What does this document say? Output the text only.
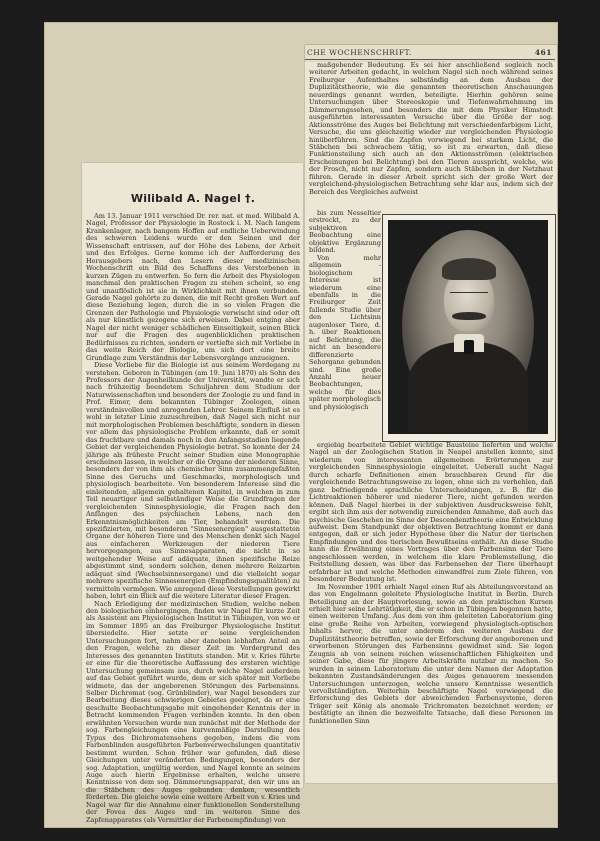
CHE WOCHENSCHRIFT.	461

maßgebender Bedeutung. Es sei hier anschließend sogleich noch weiterer Arbeiten gedacht, in welchen Nagel sich noch während seines Freiburger Aufenthaltes selbständig an dem Ausbau der Duplizitätstheorie, wie die genannten theoretischen Anschauungen neuerdings genannt werden, beteiligte. Hierhin gehören seine Untersuchungen über Stereoskopie und Tiefenwahrnehmung im Dämmerungssehen, und besonders die mit dem Physiker Himstedt ausgeführten interessanten Versuche über die Größe der sog. Aktionsströme des Auges bei Belichtung mit verschiedenfarbigem Licht, Versuche, die uns gleichzeitig wieder zur vergleichenden Physiologie hinüberführen. Sind die Zapfen vorwiegend bei starkem Licht, die Stäbchen bei schwachem tätig, so ist zu erwarten, daß diese Funktionsteilung sich auch an den Aktionsströmen (elektrischen Erscheinungen bei Belichtung) bei den Tieren ausspricht, welche, wie der Frosch, nicht nur Zapfen, sondern auch Stäbchen in der Netzhaut führen. Gerade in dieser Arbeit spricht sich der große Wert der vergleichend-physiologischen Betrachtung sehr klar aus, indem sich der Bereich des Vergleiches aufweist

bis zum Nesseltier erstreckt, zu der subjektiven Beobachtung eine objektive Ergänzung bildend.

Von mehr allgemein - biologischem Interesse ist wiederum eine ebenfalls in die Freiburger Zeit fallende Studie über den Lichtsinn augenloser Tiere, d. h. über Reaktionen auf Belichtung, die nicht an besondere differenzierte Sehorgane gebunden sind. Eine große Anzahl neuer Beobachtungen, welche für dies später morphologisch und physiologisch

ergiebig bearbeitete Gebiet wichtige Bausteine lieferten und welche Nagel an der Zoologischen Station in Neapel anstellen konnte, sind wiederum von interessanten allgemeinen Erörterungen zur vergleichenden Sinnesphysiologie eingeleitet. Ueberall sucht Nagel durch scharfe Definitionen einen brauchbaren Grund für die vergleichende Betrachtungsweise zu legen, ohne sich zu verhehlen, daß ganz befriedigende sprachliche Unterscheidungen, z. B. für die Lichtreaktionen höherer und niederer Tiere, nicht gefunden werden können. Daß Nagel hierbei in der subjektiven Ausdrucksweise fehlt, ergibt sich ihm aus der notwendig zureichenden Annahme, daß auch das psychische Geschehen im Sinne der Descendenztheorie eine Entwicklung aufweist. Dem Standpunkt der objektiven Betrachtung kommt er dann entgegen, daß er sich jeder Hypothese über die Natur der tierischen Empfindungen und des tierischen Bewußtseins enthält. An diese Studie kann die Erwähnung eines Vortrages über den Farbensinn der Tiere angeschlossen werden, in welchem die klare Problemstellung, die Feststellung dessen, was über das Farbensehen der Tiere überhaupt erfahrbar ist und welche Methoden einwandfrei zum Ziele führen, von besonderer Bedeutung ist.

Im November 1901 erhielt Nagel einen Ruf als Abteilungsvorstand an das von Engelmann geleitete Physiologische Institut in Berlin. Durch Beteiligung an der Hauptvorlesung, sowie an den praktischen Kursen erhielt hier seine Lehrtätigkeit, die er schon in Tübingen begonnen hatte, einen weiteren Umfang. Aus dem von ihm geleiteten Laboratorium ging eine große Reihe von Arbeiten, vorwiegend physiologisch-optischen Inhalts hervor, die unter anderem den weiteren Ausbau der Duplizitätstheorie betreffen, sowie der Erforschung der angeborenen und erworbenen Störungen des Farbensinns gewidmet sind. Sie legen Zeugnis ab von seinem reichen wissenschaftlichen Fähigkeiten und seiner Gabe, diese für jüngere Arbeitskräfte nutzbar zu machen. So wurden in seinem Laboratorium die unter dem Namen der Adaptation bekannten Zustandsänderungen des Auges genauerem messenden Untersuchungen unterzogen, welche unsere Kenntnisse wesentlich vervollständigten. Weiterhin beschäftigte Nagel vorwiegend die Erforschung des Gebiets der abweichenden Farbensysteme, deren Träger seit König als anomale Trichromaten bezeichnet werden; er bestätigte an ihnen die bezweifelte Tatsache, daß diese Personen im funktionellen Sinn

Wilibald A. Nagel †.

Am 13. Januar 1911 verschied Dr. rer. nat. et med. Wilibald A. Nagel, Professor der Physiologie in Rostock i. M. Nach langem Krankenlager, nach bangem Hoffen auf endliche Ueberwindung des schweren Leidens wurde er den Seinen und der Wissenschaft entrissen, auf der Höhe des Lebens, der Arbeit und des Erfolges. Gerne komme ich der Aufforderung des Herausgebers nach, den Lesern dieser medizinischen Wochenschrift ein Bild des Schaffens des Verstorbenen in kurzen Zügen zu entwerfen. So fern die Arbeit des Physiologen manchmal den praktischen Fragen zu stehen scheint, so eng und unauflöslich ist sie in Wirklichkeit mit ihnen verbunden. Gerade Nagel gehörte zu denen, die mit Recht großen Wert auf diese Beziehung legen, durch die in so vielen Fragen die Grenzen der Pathologie und Physiologie verwischt sind oder oft als nur künstlich gezogene sich erweisen. Dabei entging aber Nagel der nicht weniger schädlichen Einseitigkeit, seinen Blick nur auf die Fragen des augenblicklichen praktischen Bedürfnisses zu richten, sondern er vertiefte sich mit Vorliebe in das weite Reich der Biologie, um sich dort eine breite Grundlage zum Verständnis der Lebensvorgänge anzueignen.

Diese Vorliebe für die Biologie ist aus seinem Werdegang zu verstehen. Geboren in Tübingen (am 19. Juni 1870) als Sohn des Professors der Augenheilkunde der Universität, wandte er sich nach frühzeitig beendetem Schuljahren dem Studium der Naturwissenschaften und besonders der Zoologie zu und fand in Prof. Eimer, dem bekannten Tübinger Zoologen, einen verständnisvollen und anregenden Lehrer. Seinem Einfluß ist es wohl in letzter Linie zuzuschreiben, daß Nagel sich nicht nur mit morphologischen Problemen beschäftigte, sondern in diesen vor allem das physiologische Problem erkannte, daß er somit das fruchtbare und damals noch in den Anfangsstadien liegende Gebiet der vergleichenden Physiologie betrat. So konnte der 24 jährige als früheste Frucht seiner Studien eine Monographie erscheinen lassen, in welcher er die Organe der niederen Sinne, besonders der von ihm als chemischer Sinn zusammengefaßten Sinne des Geruchs und Geschmacks, morphologisch und physiologisch bearbeitete. Von besonderem Interesse sind die einleitenden, allgemein gehaltenen Kapitel, in welchen in zum Teil neuartiger und selbständiger Weise die Grundfragen der vergleichenden Sinnesphysiologie, die Fragen nach den Anfängen des psychischen Lebens, nach den Erkenntnismöglichkeiten am Tier, behandelt werden. Die spezifizierten, mit besonderen "Sinnesenergien" ausgestatteten Organe der höheren Tiere und des Menschen denkt sich Nagel aus einfacheren Werkzeugen der niederen Tiere hervorgegangen, aus Sinnesapparaten, die nicht in so weitgehender Weise auf adäquate, ihnen spezifische Reize abgestimmt sind, sondern solchen, denen mehrere Reizarten adäquat sind (Wechselsinnesorgane) und die vielleicht sogar mehrere spezifische Sinnesenergien (Empfindungsqualitäten) zu vermitteln vermögen. Wie anregend diese Vorstellungen gewirkt haben, lehrt ein Blick auf die weitere Literatur dieser Fragen.

Nach Erledigung der medizinischen Studien, welche neben den biologischen einhergingen, finden wir Nagel für kurze Zeit als Assistent am Physiologischen Institut in Tübingen, von wo er im Sommer 1895 an das Freiburger Physiologische Institut übersiedelte. Hier setzte er seine vergleichenden Untersuchungen fort, nahm aber daneben lebhaften Anteil an den Fragen, welche zu dieser Zeit im Vordergrund des Interesses des genannten Instituts standen. Mit v. Kries führte er eine für die theoretische Auffassung des ersteren wichtige Untersuchung gemeinsam aus, durch welche Nagel außerdem auf das Gebiet geführt wurde, dem er sich später mit Vorliebe widmete, das der angeborenen Störungen des Farbensinns. Selber Dichromat (sog. Grünblinder), war Nagel besonders zur Bearbeitung dieses schwierigen Gebietes geeignet, da er eine geschulte Beobachtungsgabe mit eingehender Kenntnis der in Betracht kommenden Fragen verbinden konnte. In den oben erwähnten Versuchen wurde nun zunächst mit der Methode der sog. Farbengleichungen eine kurvenmäßige Darstellung des Typus des Dichromatensehens gegeben, indem die vom Farbenblinden ausgeführten Farbenverwechslungen quantitativ bestimmt wurden. Schon früher war gefunden, daß diese Gleichungen unter veränderten Bedingungen, besonders der sog. Adaptation, ungültig werden, und Nagel konnte an seinem Auge auch hierin Ergebnisse erhalten, welche unsere Kenntnisse von dem sog. Dämmerungsapparat, den wir uns an die Stäbchen des Auges gebunden denken, wesentlich förderten. Die gleiche sowie eine weitere Arbeit von v. Kries und Nagel war für die Annahme einer funktionellen Sonderstellung der Fovea des Auges und im weiteren Sinne des Zapfenapparates (als Vermittler der Farbenempfindung) von
